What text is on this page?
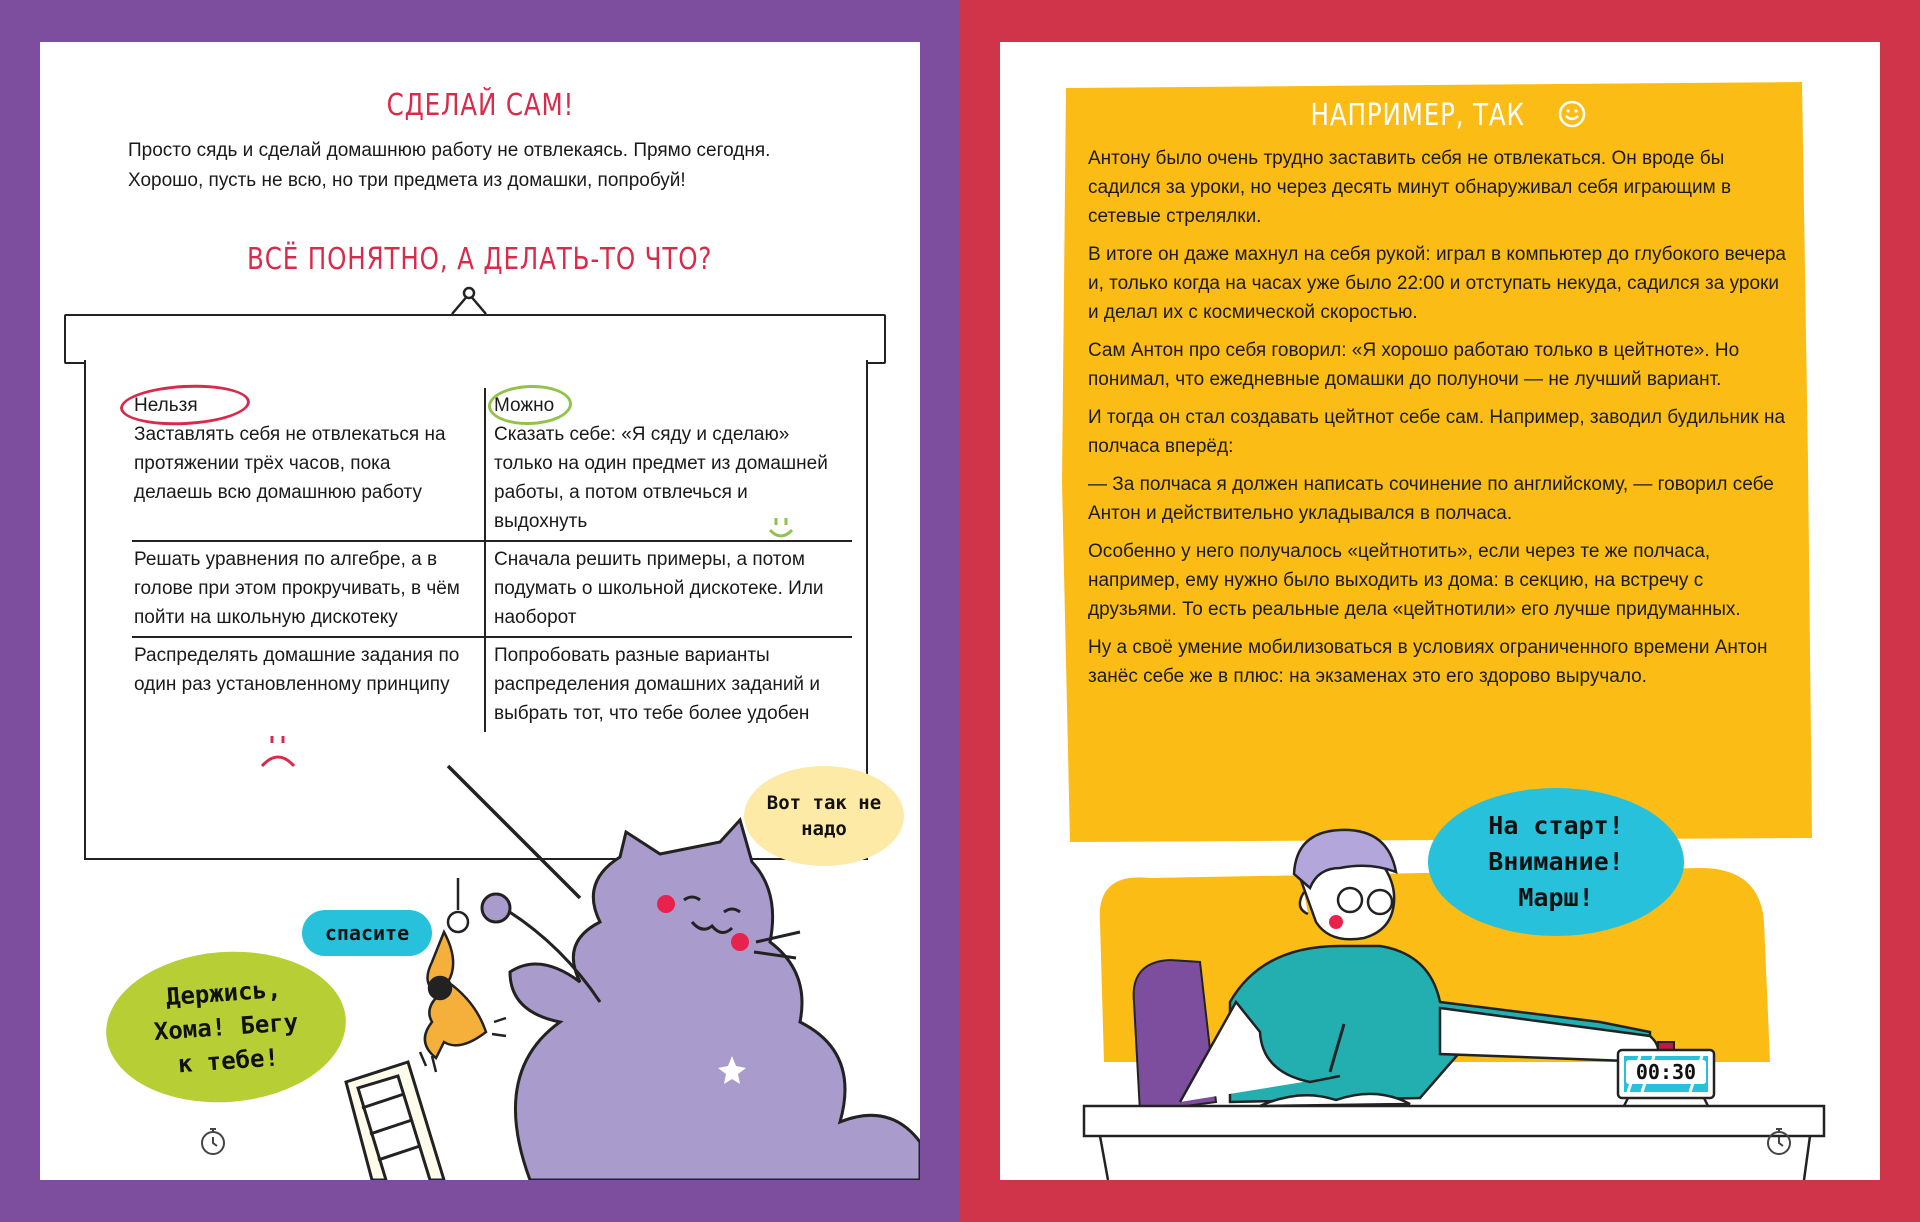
СДЕЛАЙ САМ!
Просто сядь и сделай домашнюю работу не отвлекаясь. Прямо сегодня. Хорошо, пусть не всю, но три предмета из домашки, попробуй!
ВСЁ ПОНЯТНО, А ДЕЛАТЬ-ТО ЧТО?
Нельзя
Заставлять себя не отвлекаться на протяжении трёх часов, пока делаешь всю домашнюю работу
Можно
Сказать себе: «Я сяду и сделаю» только на один предмет из домашней работы, а потом отвлечься и выдохнуть
Решать уравнения по алгебре, а в голове при этом прокручивать, в чём пойти на школьную дискотеку
Сначала решить примеры, а потом подумать о школьной дискотеке. Или наоборот
Распределять домашние задания по один раз установленному принципу
Попробовать разные варианты распределения домашних заданий и выбрать тот, что тебе более удобен
Вот так не надо
спасите
Держись, Хома! Бегу к тебе!
НАПРИМЕР, ТАК

Антону было очень трудно заставить себя не отвлекаться. Он вроде бы садился за уроки, но через десять минут обнаруживал себя играющим в сетевые стрелялки.

В итоге он даже махнул на себя рукой: играл в компьютер до глубокого вечера и, только когда на часах уже было 22:00 и отступать некуда, садился за уроки и делал их с космической скоростью.

Сам Антон про себя говорил: «Я хорошо работаю только в цейтноте». Но понимал, что ежедневные домашки до полуночи — не лучший вариант.

И тогда он стал создавать цейтнот себе сам. Например, заводил будильник на полчаса вперёд:

— За полчаса я должен написать сочинение по английскому, — говорил себе Антон и действительно укладывался в полчаса.

Особенно у него получалось «цейтнотить», если через те же полчаса, например, ему нужно было выходить из дома: в секцию, на встречу с друзьями. То есть реальные дела «цейтнотили» его лучше придуманных.

Ну а своё умение мобилизоваться в условиях ограниченного времени Антон занёс себе же в плюс: на экзаменах это его здорово выручало.

00:30
На старт! Внимание! Марш!
